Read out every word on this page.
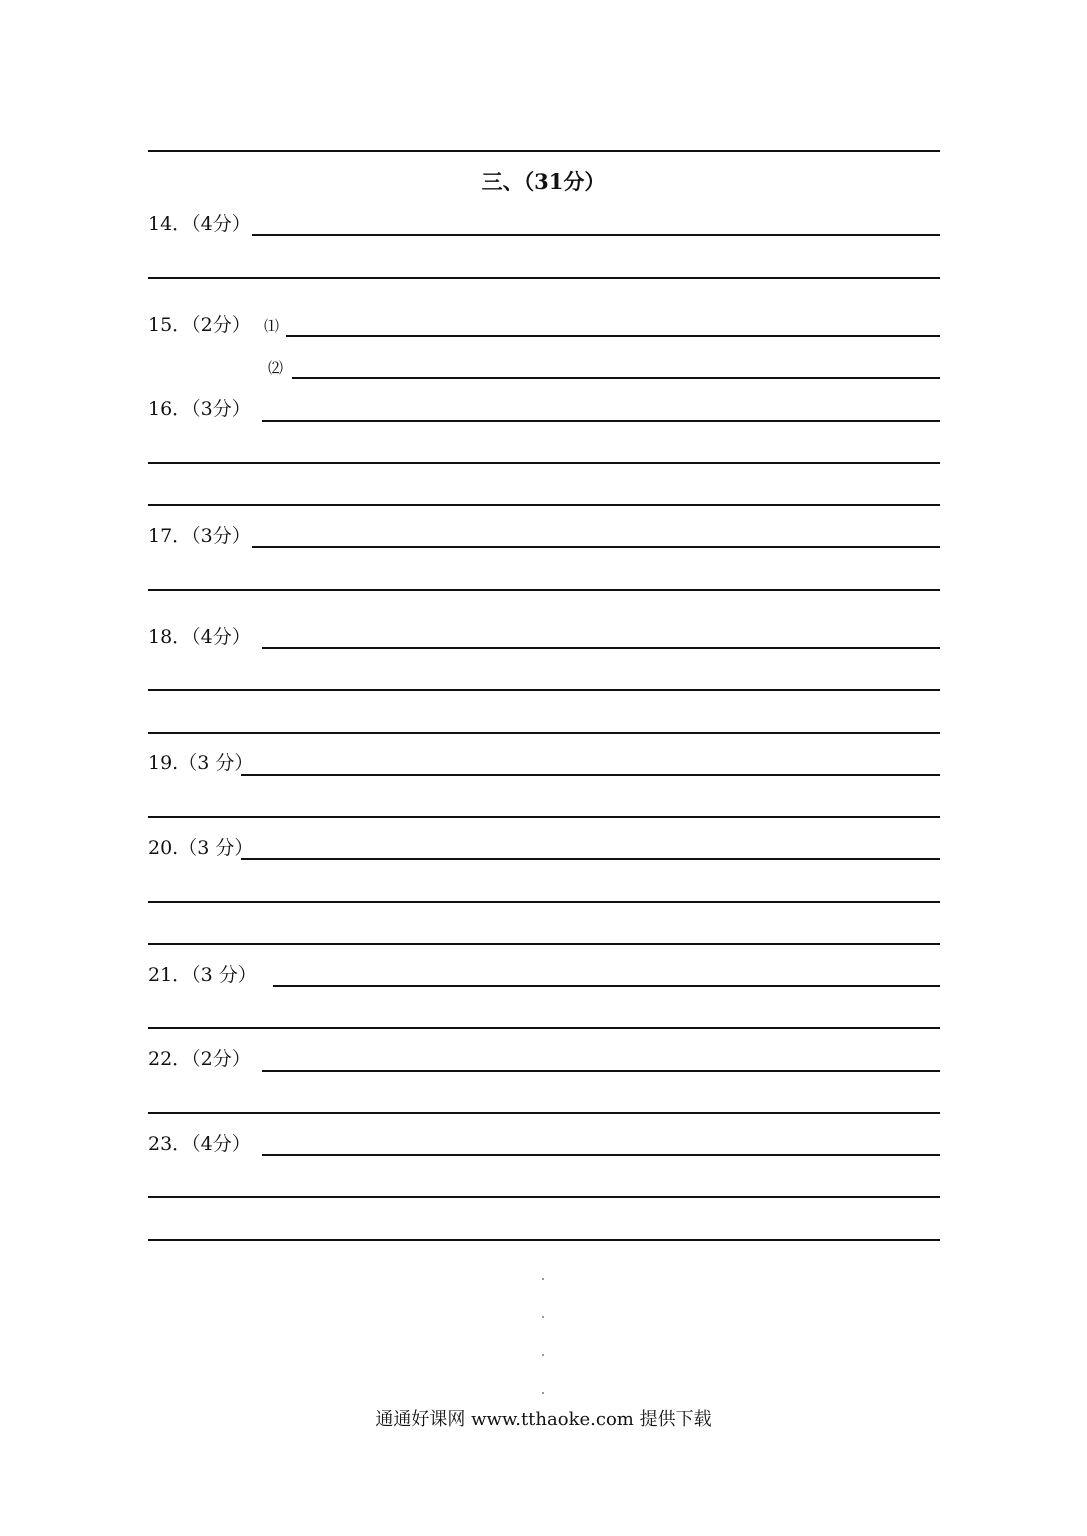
三、（31分）
14．（4分）
15．（2分） ⑴
⑵
16．（3分）
17．（3分）
18．（4分）
19.（3 分）
20.（3 分）
21．（3 分）
22．（2分）
23．（4分）
通通好课网 www.tthaoke.com 提供下载
